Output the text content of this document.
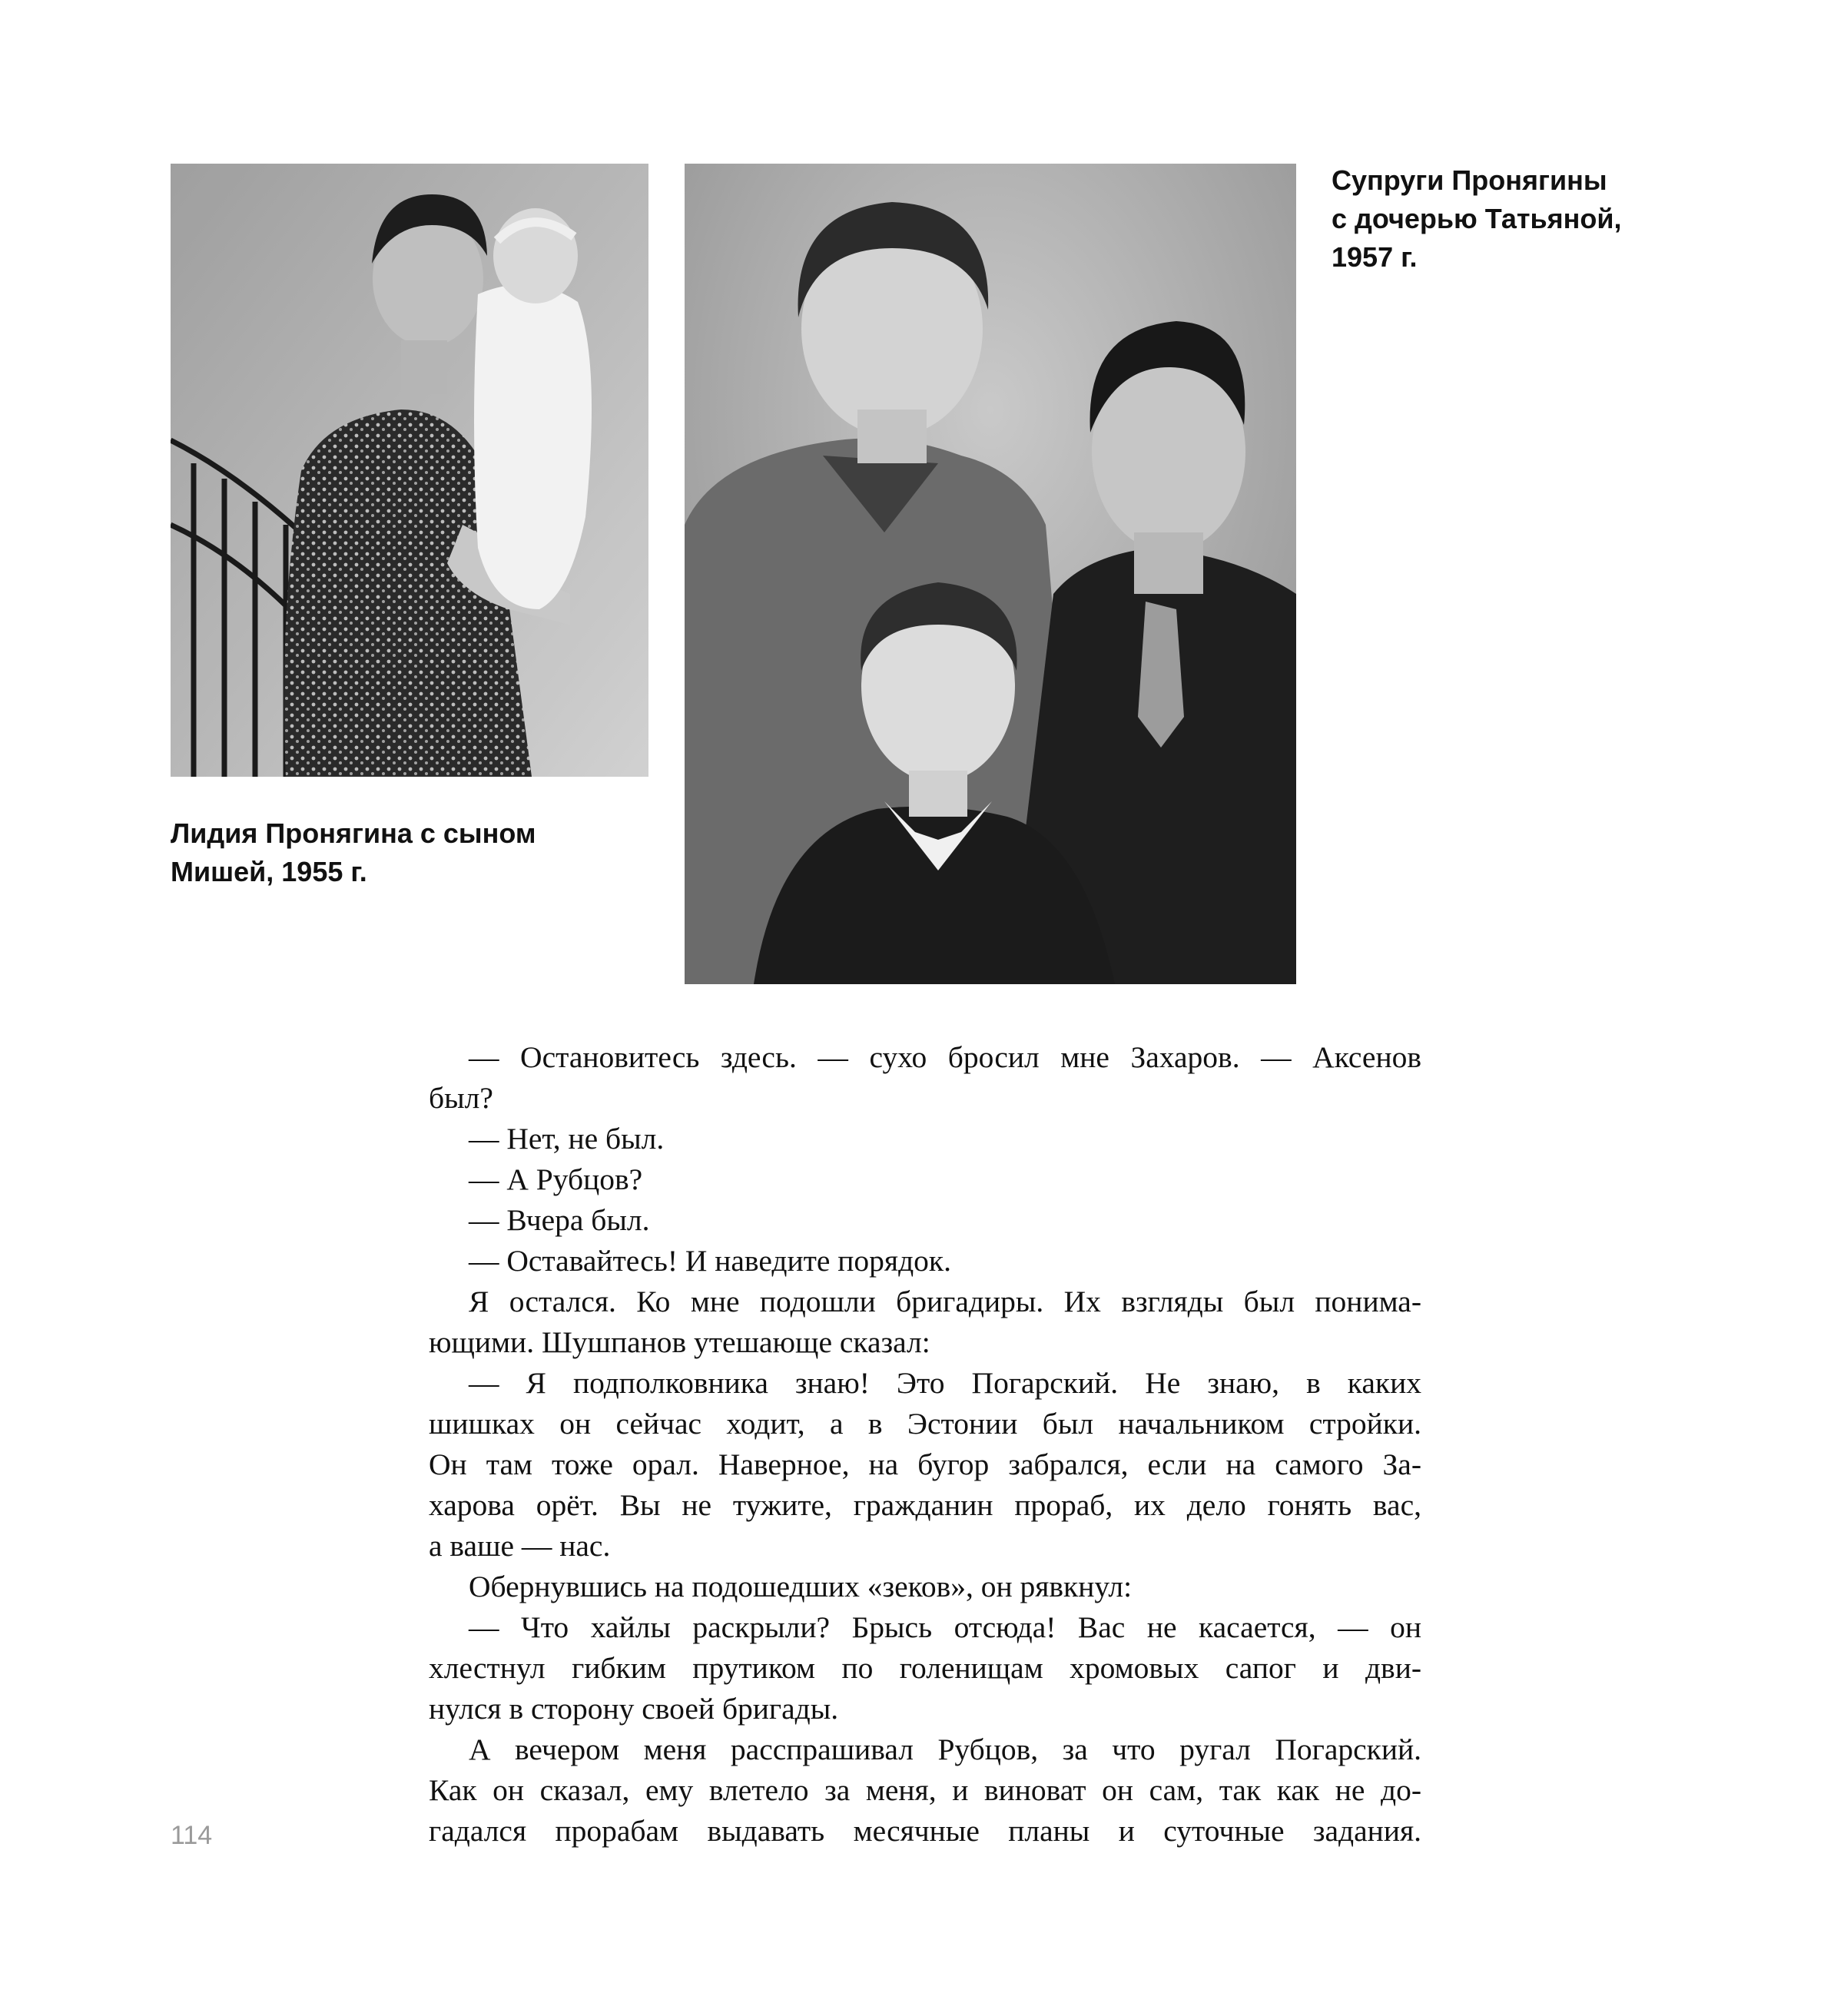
Супруги Пронягины
с дочерью Татьяной,
1957 г.
Лидия Пронягина с сыном
Мишей, 1955 г.
— Остановитесь здесь. — сухо бросил мне Захаров. — Аксенов
был?
— Нет, не был.
— А Рубцов?
— Вчера был.
— Оставайтесь! И наведите порядок.
Я остался. Ко мне подошли бригадиры. Их взгляды был понима-
ющими. Шушпанов утешающе сказал:
— Я подполковника знаю! Это Погарский. Не знаю, в каких
шишках он сейчас ходит, а в Эстонии был начальником стройки.
Он там тоже орал. Наверное, на бугор забрался, если на самого За-
харова орёт. Вы не тужите, гражданин прораб, их дело гонять вас,
а ваше — нас.
Обернувшись на подошедших «зеков», он рявкнул:
— Что хайлы раскрыли? Брысь отсюда! Вас не касается, — он
хлестнул гибким прутиком по голенищам хромовых сапог и дви-
нулся в сторону своей бригады.
А вечером меня расспрашивал Рубцов, за что ругал Погарский.
Как он сказал, ему влетело за меня, и виноват он сам, так как не до-
гадался прорабам выдавать месячные планы и суточные задания.
114
